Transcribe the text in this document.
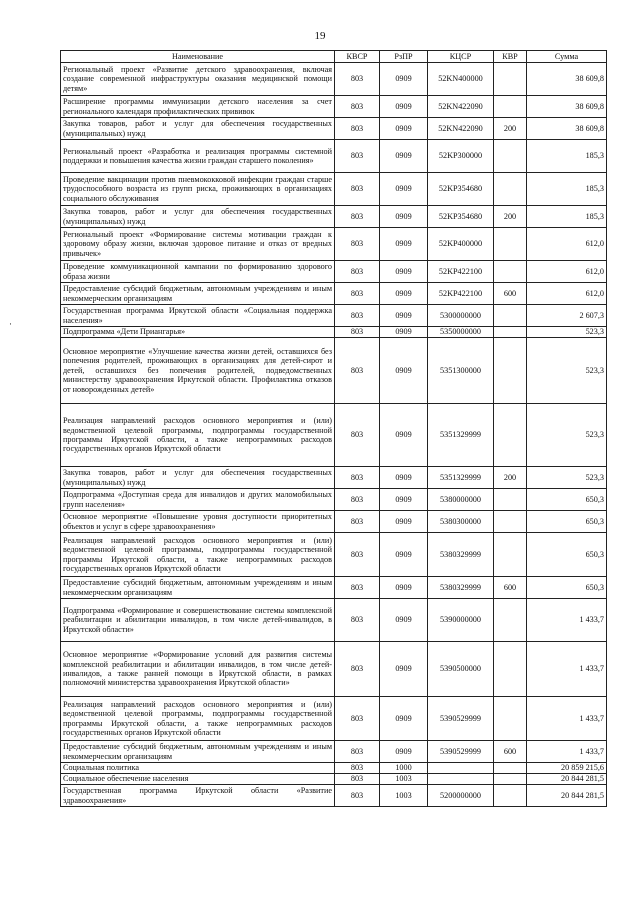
19
Наименование	КВСР	РзПР	КЦСР	КВР	Сумма
Региональный проект «Развитие детского здравоохранения, включая создание современной инфраструктуры оказания медицинской помощи детям»	803	0909	52KN400000		38 609,8
Расширение программы иммунизации детского населения за счет регионального календаря профилактических прививок	803	0909	52KN422090		38 609,8
Закупка товаров, работ и услуг для обеспечения государственных (муниципальных) нужд	803	0909	52KN422090	200	38 609,8
Региональный проект «Разработка и реализация программы системной поддержки и повышения качества жизни граждан старшего поколения»	803	0909	52KP300000		185,3
Проведение вакцинации против пневмококковой инфекции граждан старше трудоспособного возраста из групп риска, проживающих в организациях социального обслуживания	803	0909	52KP354680		185,3
Закупка товаров, работ и услуг для обеспечения государственных (муниципальных) нужд	803	0909	52KP354680	200	185,3
Региональный проект «Формирование системы мотивации граждан к здоровому образу жизни, включая здоровое питание и отказ от вредных привычек»	803	0909	52KP400000		612,0
Проведение коммуникационной кампании по формированию здорового образа жизни	803	0909	52KP422100		612,0
Предоставление субсидий бюджетным, автономным учреждениям и иным некоммерческим организациям	803	0909	52KP422100	600	612,0
Государственная программа Иркутской области «Социальная поддержка населения»	803	0909	5300000000		2 607,3
Подпрограмма «Дети Приангарья»	803	0909	5350000000		523,3
Основное мероприятие «Улучшение качества жизни детей, оставшихся без попечения родителей, проживающих в организациях для детей-сирот и детей, оставшихся без попечения родителей, подведомственных министерству здравоохранения Иркутской области. Профилактика отказов от новорожденных детей»	803	0909	5351300000		523,3
Реализация направлений расходов основного мероприятия и (или) ведомственной целевой программы, подпрограммы государственной программы Иркутской области, а также непрограммных расходов государственных органов Иркутской области	803	0909	5351329999		523,3
Закупка товаров, работ и услуг для обеспечения государственных (муниципальных) нужд	803	0909	5351329999	200	523,3
Подпрограмма «Доступная среда для инвалидов и других маломобильных групп населения»	803	0909	5380000000		650,3
Основное мероприятие «Повышение уровня доступности приоритетных объектов и услуг в сфере здравоохранения»	803	0909	5380300000		650,3
Реализация направлений расходов основного мероприятия и (или) ведомственной целевой программы, подпрограммы государственной программы Иркутской области, а также непрограммных расходов государственных органов Иркутской области	803	0909	5380329999		650,3
Предоставление субсидий бюджетным, автономным учреждениям и иным некоммерческим организациям	803	0909	5380329999	600	650,3
Подпрограмма «Формирование и совершенствование системы комплексной реабилитации и абилитации инвалидов, в том числе детей-инвалидов, в Иркутской области»	803	0909	5390000000		1 433,7
Основное мероприятие «Формирование условий для развития системы комплексной реабилитации и абилитации инвалидов, в том числе детей-инвалидов, а также ранней помощи в Иркутской области, в рамках полномочий министерства здравоохранения Иркутской области»	803	0909	5390500000		1 433,7
Реализация направлений расходов основного мероприятия и (или) ведомственной целевой программы, подпрограммы государственной программы Иркутской области, а также непрограммных расходов государственных органов Иркутской области	803	0909	5390529999		1 433,7
Предоставление субсидий бюджетным, автономным учреждениям и иным некоммерческим организациям	803	0909	5390529999	600	1 433,7
Социальная политика	803	1000			20 859 215,6
Социальное обеспечение населения	803	1003			20 844 281,5
Государственная программа Иркутской области «Развитие здравоохранения»	803	1003	5200000000		20 844 281,5
·
